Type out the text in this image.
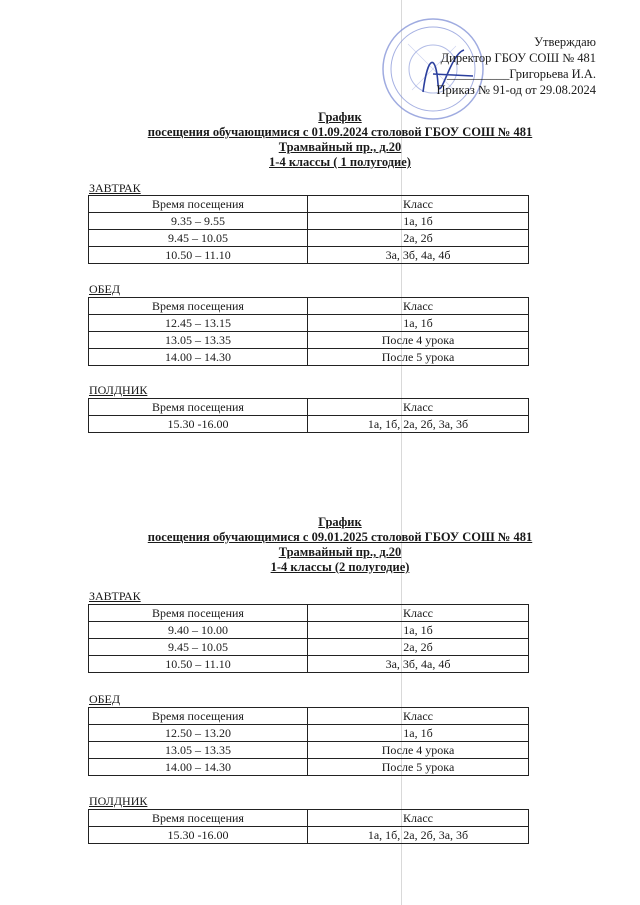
Утверждаю
Директор ГБОУ СОШ № 481
__________Григорьева И.А.
Приказ № 91-од от 29.08.2024
График
посещения обучающимися с 01.09.2024 столовой ГБОУ СОШ № 481
Трамвайный пр., д.20
1-4 классы ( 1 полугодие)
ЗАВТРАК
Время посещения	Класс
9.35 – 9.55	1а, 1б
9.45 – 10.05	2а, 2б
10.50 – 11.10	3а, 3б, 4а, 4б
ОБЕД
Время посещения	Класс
12.45 – 13.15	1а, 1б
13.05 – 13.35	После 4 урока
14.00 – 14.30	После 5 урока
ПОЛДНИК
Время посещения	Класс
15.30 -16.00	1а, 1б, 2а, 2б, 3а, 3б
График
посещения обучающимися с 09.01.2025 столовой ГБОУ СОШ № 481
Трамвайный пр., д.20
1-4 классы (2 полугодие)
ЗАВТРАК
Время посещения	Класс
9.40 – 10.00	1а, 1б
9.45 – 10.05	2а, 2б
10.50 – 11.10	3а, 3б, 4а, 4б
ОБЕД
Время посещения	Класс
12.50 – 13.20	1а, 1б
13.05 – 13.35	После 4 урока
14.00 – 14.30	После 5 урока
ПОЛДНИК
Время посещения	Класс
15.30 -16.00	1а, 1б, 2а, 2б, 3а, 3б
